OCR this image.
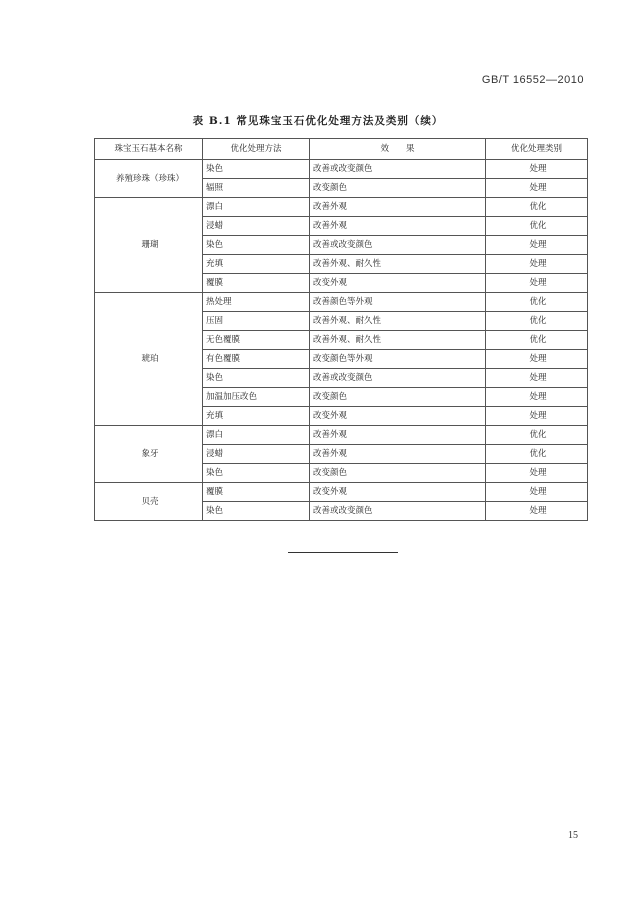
GB/T 16552—2010
表 B.1 常见珠宝玉石优化处理方法及类别（续）
珠宝玉石基本名称	优化处理方法	效　　果	优化处理类别
养殖珍珠（珍珠）	染色	改善或改变颜色	处理
	辐照	改变颜色	处理
珊瑚	漂白	改善外观	优化
	浸蜡	改善外观	优化
	染色	改善或改变颜色	处理
	充填	改善外观、耐久性	处理
	覆膜	改变外观	处理
琥珀	热处理	改善颜色等外观	优化
	压固	改善外观、耐久性	优化
	无色覆膜	改善外观、耐久性	优化
	有色覆膜	改变颜色等外观	处理
	染色	改善或改变颜色	处理
	加温加压改色	改变颜色	处理
	充填	改变外观	处理
象牙	漂白	改善外观	优化
	浸蜡	改善外观	优化
	染色	改变颜色	处理
贝壳	覆膜	改变外观	处理
	染色	改善或改变颜色	处理
15
